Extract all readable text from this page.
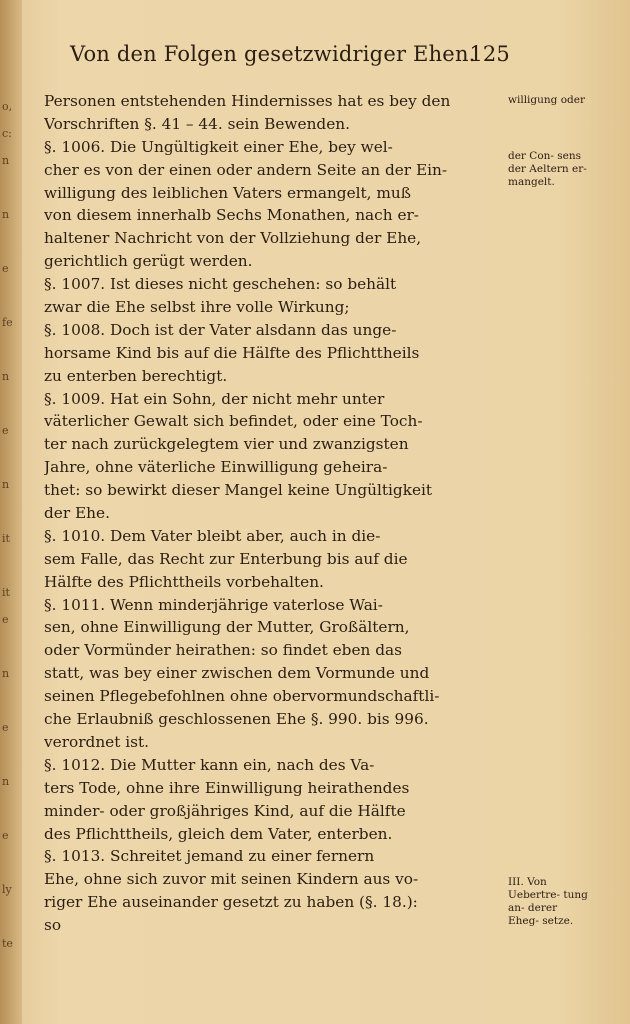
o,
c:
n
n
e
fe
n
e
n
it
it
e
n
e
n
e
ly
te
Von den Folgen gesetzwidriger Ehen.
125
Personen entstehenden Hindernisses hat es bey den
Vorschriften §. 41 – 44. sein Bewenden.
§. 1006. Die Ungültigkeit einer Ehe, bey wel-
cher es von der einen oder andern Seite an der Ein-
willigung des leiblichen Vaters ermangelt, muß
von diesem innerhalb Sechs Monathen, nach er-
haltener Nachricht von der Vollziehung der Ehe,
gerichtlich gerügt werden.
§. 1007. Ist dieses nicht geschehen: so behält
zwar die Ehe selbst ihre volle Wirkung;
§. 1008. Doch ist der Vater alsdann das unge-
horsame Kind bis auf die Hälfte des Pflichttheils
zu enterben berechtigt.
§. 1009. Hat ein Sohn, der nicht mehr unter
väterlicher Gewalt sich befindet, oder eine Toch-
ter nach zurückgelegtem vier und zwanzigsten
Jahre, ohne väterliche Einwilligung geheira-
thet: so bewirkt dieser Mangel keine Ungültigkeit
der Ehe.
§. 1010. Dem Vater bleibt aber, auch in die-
sem Falle, das Recht zur Enterbung bis auf die
Hälfte des Pflichttheils vorbehalten.
§. 1011. Wenn minderjährige vaterlose Wai-
sen, ohne Einwilligung der Mutter, Großältern,
oder Vormünder heirathen: so findet eben das
statt, was bey einer zwischen dem Vormunde und
seinen Pflegebefohlnen ohne obervormundschaftli-
che Erlaubniß geschlossenen Ehe §. 990. bis 996.
verordnet ist.
§. 1012. Die Mutter kann ein, nach des Va-
ters Tode, ohne ihre Einwilligung heirathendes
minder- oder großjähriges Kind, auf die Hälfte
des Pflichttheils, gleich dem Vater, enterben.
§. 1013. Schreitet jemand zu einer fernern
Ehe, ohne sich zuvor mit seinen Kindern aus vo-
riger Ehe auseinander gesetzt zu haben (§. 18.):
so
willigung oder
der Con- sens der Aeltern er- mangelt.
III. Von Uebertre- tung an- derer Eheg- setze.
